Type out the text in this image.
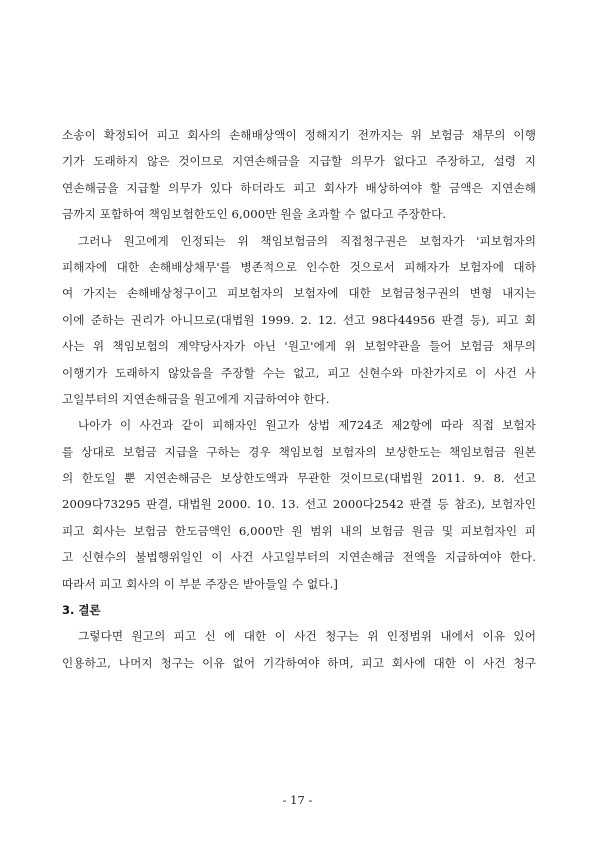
소송이 확정되어 피고 회사의 손해배상액이 정해지기 전까지는 위 보험금 채무의 이행
기가 도래하지 않은 것이므로 지연손해금을 지급할 의무가 없다고 주장하고, 설령 지
연손해금을 지급할 의무가 있다 하더라도 피고 회사가 배상하여야 할 금액은 지연손해
금까지 포함하여 책임보험한도인 6,000만 원을 초과할 수 없다고 주장한다.
그러나 원고에게 인정되는 위 책임보험금의 직접청구권은 보험자가 '피보험자의
피해자에 대한 손해배상채무'를 병존적으로 인수한 것으로서 피해자가 보험자에 대하
여 가지는 손해배상청구이고 피보험자의 보험자에 대한 보험금청구권의 변형 내지는
이에 준하는 권리가 아니므로(대법원 1999. 2. 12. 선고 98다44956 판결 등), 피고 회
사는 위 책임보험의 계약당사자가 아닌 '원고'에게 위 보험약관을 들어 보험금 채무의
이행기가 도래하지 않았음을 주장할 수는 없고, 피고 신현수와 마찬가지로 이 사건 사
고일부터의 지연손해금을 원고에게 지급하여야 한다.
나아가 이 사건과 같이 피해자인 원고가 상법 제724조 제2항에 따라 직접 보험자
를 상대로 보험금 지급을 구하는 경우 책임보험 보험자의 보상한도는 책임보험금 원본
의 한도일 뿐 지연손해금은 보상한도액과 무관한 것이므로(대법원 2011. 9. 8. 선고
2009다73295 판결, 대법원 2000. 10. 13. 선고 2000다2542 판결 등 참조), 보험자인
피고 회사는 보험금 한도금액인 6,000만 원 범위 내의 보험금 원금 및 피보험자인 피
고 신현수의 불법행위일인 이 사건 사고일부터의 지연손해금 전액을 지급하여야 한다.
따라서 피고 회사의 이 부분 주장은 받아들일 수 없다.]
3. 결론
그렇다면 원고의 피고 신 에 대한 이 사건 청구는 위 인정범위 내에서 이유 있어
인용하고, 나머지 청구는 이유 없어 기각하여야 하며, 피고 회사에 대한 이 사건 청구
- 17 -
